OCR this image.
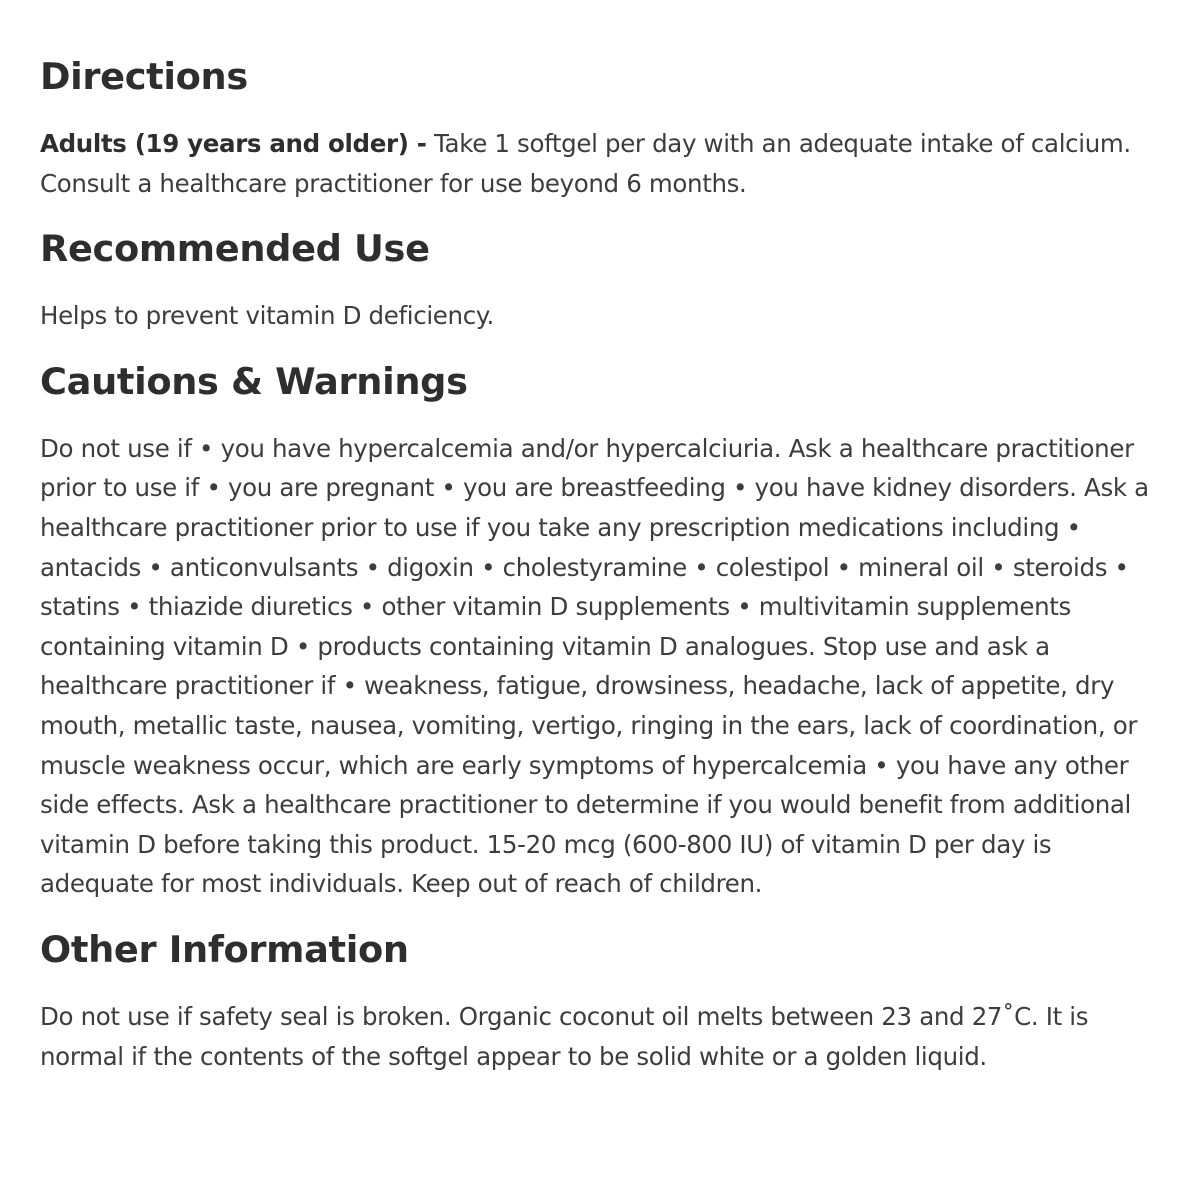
Directions

Adults (19 years and older) - Take 1 softgel per day with an adequate intake of calcium. Consult a healthcare practitioner for use beyond 6 months.

Recommended Use

Helps to prevent vitamin D deficiency.

Cautions & Warnings

Do not use if • you have hypercalcemia and/or hypercalciuria. Ask a healthcare practitioner prior to use if • you are pregnant • you are breastfeeding • you have kidney disorders. Ask a healthcare practitioner prior to use if you take any prescription medications including • antacids • anticonvulsants • digoxin • cholestyramine • colestipol • mineral oil • steroids • statins • thiazide diuretics • other vitamin D supplements • multivitamin supplements containing vitamin D • products containing vitamin D analogues. Stop use and ask a healthcare practitioner if • weakness, fatigue, drowsiness, headache, lack of appetite, dry mouth, metallic taste, nausea, vomiting, vertigo, ringing in the ears, lack of coordination, or muscle weakness occur, which are early symptoms of hypercalcemia • you have any other side effects. Ask a healthcare practitioner to determine if you would benefit from additional vitamin D before taking this product. 15-20 mcg (600-800 IU) of vitamin D per day is adequate for most individuals. Keep out of reach of children.

Other Information

Do not use if safety seal is broken. Organic coconut oil melts between 23 and 27˚C. It is normal if the contents of the softgel appear to be solid white or a golden liquid.
